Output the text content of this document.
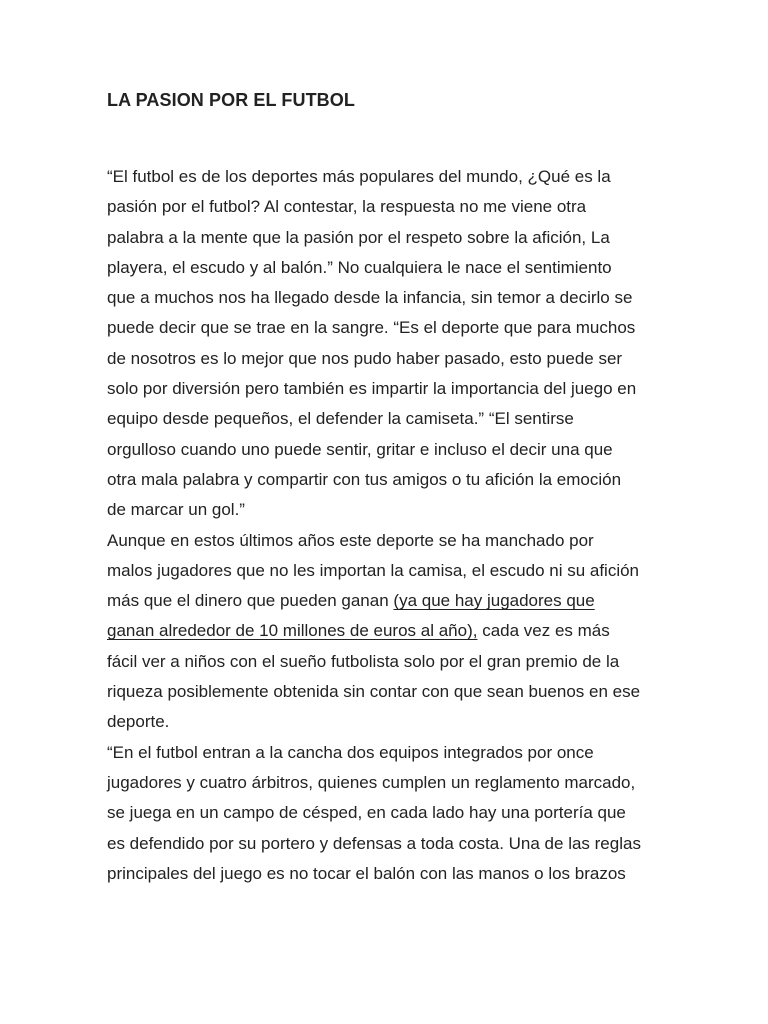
LA PASION POR EL FUTBOL
“El futbol es de los deportes más populares del mundo, ¿Qué es la
pasión por el futbol? Al contestar, la respuesta no me viene otra
palabra a la mente que la pasión por el respeto sobre la afición, La
playera, el escudo y al balón.” No cualquiera le nace el sentimiento
que a muchos nos ha llegado desde la infancia, sin temor a decirlo se
puede decir que se trae en la sangre. “Es el deporte que para muchos
de nosotros es lo mejor que nos pudo haber pasado, esto puede ser
solo por diversión pero también es impartir la importancia del juego en
equipo desde pequeños, el defender la camiseta.” “El sentirse
orgulloso cuando uno puede sentir, gritar e incluso el decir una que
otra mala palabra y compartir con tus amigos o tu afición la emoción
de marcar un gol.”
Aunque en estos últimos años este deporte se ha manchado por
malos jugadores que no les importan la camisa, el escudo ni su afición
más que el dinero que pueden ganan (ya que hay jugadores que
ganan alrededor de 10 millones de euros al año), cada vez es más
fácil ver a niños con el sueño futbolista solo por el gran premio de la
riqueza posiblemente obtenida sin contar con que sean buenos en ese
deporte.
“En el futbol entran a la cancha dos equipos integrados por once
jugadores y cuatro árbitros, quienes cumplen un reglamento marcado,
se juega en un campo de césped, en cada lado hay una portería que
es defendido por su portero y defensas a toda costa. Una de las reglas
principales del juego es no tocar el balón con las manos o los brazos
